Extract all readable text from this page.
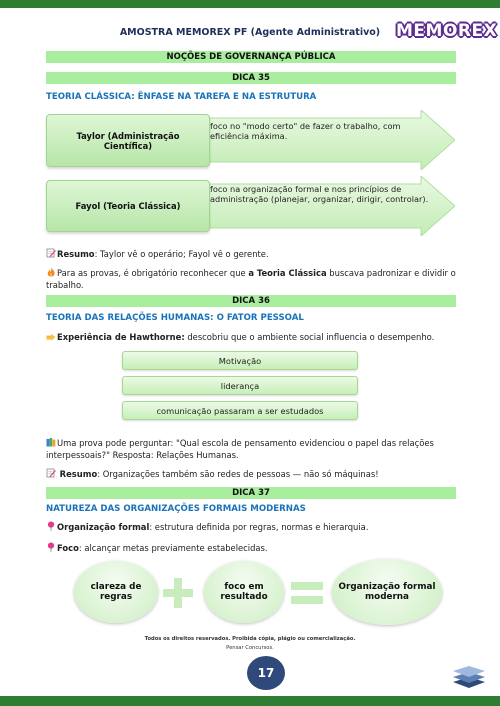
AMOSTRA MEMOREX PF (Agente Administrativo) MEMOREX
NOÇÕES DE GOVERNANÇA PÚBLICA
DICA 35
TEORIA CLÁSSICA: ÊNFASE NA TAREFA E NA ESTRUTURA
Taylor (Administração Científica)
foco no "modo certo" de fazer o trabalho, com eficiência máxima.
Fayol (Teoria Clássica)
foco na organização formal e nos princípios de administração (planejar, organizar, dirigir, controlar).
Resumo: Taylor vê o operário; Fayol vê o gerente.
Para as provas, é obrigatório reconhecer que a Teoria Clássica buscava padronizar e dividir o trabalho.
DICA 36
TEORIA DAS RELAÇÕES HUMANAS: O FATOR PESSOAL
Experiência de Hawthorne: descobriu que o ambiente social influencia o desempenho.
Motivação
liderança
comunicação passaram a ser estudados
Uma prova pode perguntar: "Qual escola de pensamento evidenciou o papel das relações interpessoais?" Resposta: Relações Humanas.
Resumo: Organizações também são redes de pessoas — não só máquinas!
DICA 37
NATUREZA DAS ORGANIZAÇÕES FORMAIS MODERNAS
Organização formal: estrutura definida por regras, normas e hierarquia.
Foco: alcançar metas previamente estabelecidas.
clareza de regras
foco em resultado
Organização formal moderna
Todos os direitos reservados. Proibida cópia, plágio ou comercialização.
Pensar Concursos.
17
